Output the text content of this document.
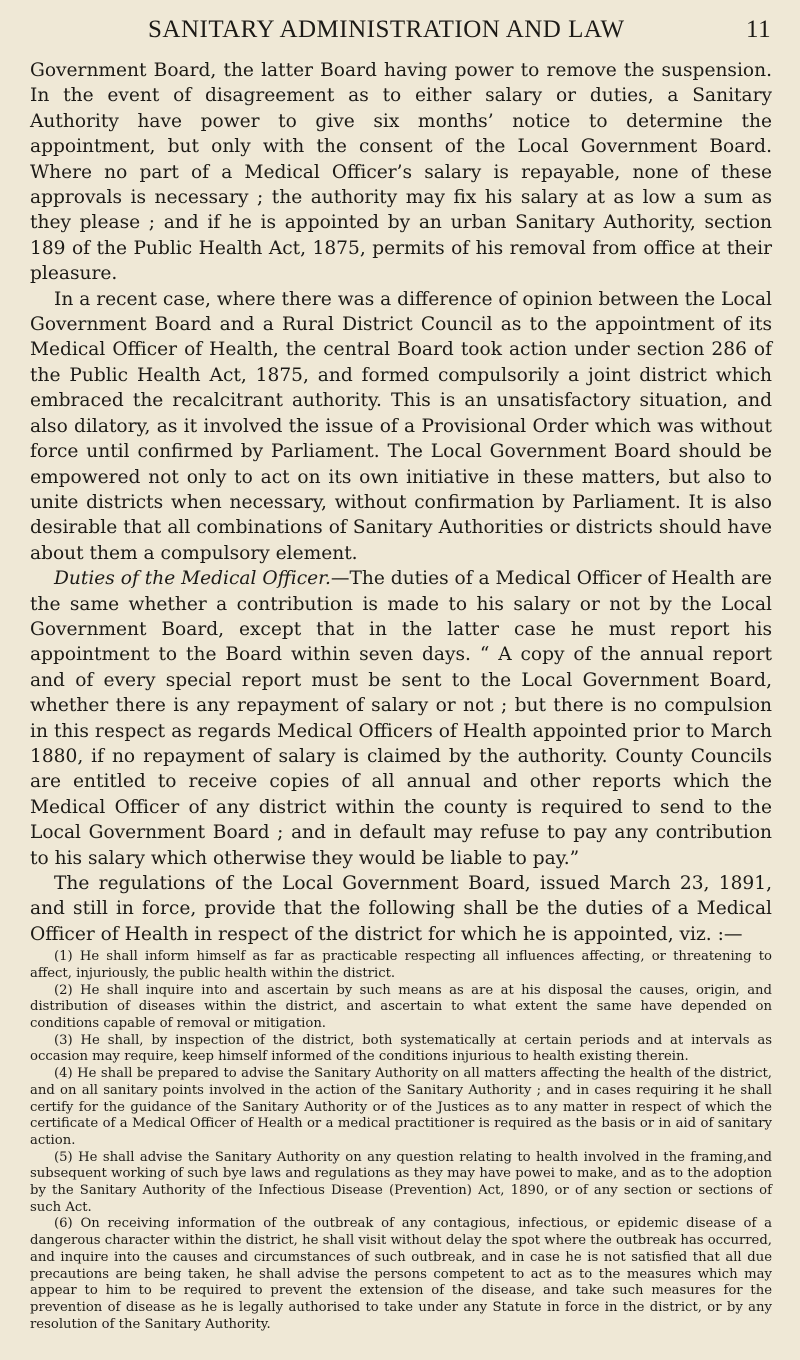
SANITARY ADMINISTRATION AND LAW	11

Government Board, the latter Board having power to remove the suspension. In the event of disagreement as to either salary or duties, a Sanitary Authority have power to give six months’ notice to determine the appointment, but only with the consent of the Local Government Board. Where no part of a Medical Officer’s salary is repayable, none of these approvals is necessary ; the authority may fix his salary at as low a sum as they please ; and if he is appointed by an urban Sanitary Authority, section 189 of the Public Health Act, 1875, permits of his removal from office at their pleasure.

In a recent case, where there was a difference of opinion between the Local Government Board and a Rural District Council as to the appointment of its Medical Officer of Health, the central Board took action under section 286 of the Public Health Act, 1875, and formed compulsorily a joint district which embraced the recalcitrant authority. This is an unsatisfactory situation, and also dilatory, as it involved the issue of a Provisional Order which was without force until confirmed by Parliament. The Local Government Board should be empowered not only to act on its own initiative in these matters, but also to unite districts when necessary, without confirmation by Parliament. It is also desirable that all combinations of Sanitary Authorities or districts should have about them a compulsory element.

Duties of the Medical Officer.—The duties of a Medical Officer of Health are the same whether a contribution is made to his salary or not by the Local Government Board, except that in the latter case he must report his appointment to the Board within seven days. “ A copy of the annual report and of every special report must be sent to the Local Government Board, whether there is any repayment of salary or not ; but there is no compulsion in this respect as regards Medical Officers of Health appointed prior to March 1880, if no repayment of salary is claimed by the authority. County Councils are entitled to receive copies of all annual and other reports which the Medical Officer of any district within the county is required to send to the Local Government Board ; and in default may refuse to pay any contribution to his salary which otherwise they would be liable to pay.”

The regulations of the Local Government Board, issued March 23, 1891, and still in force, provide that the following shall be the duties of a Medical Officer of Health in respect of the district for which he is appointed, viz. :—

(1) He shall inform himself as far as practicable respecting all influences affecting, or threatening to affect, injuriously, the public health within the district.

(2) He shall inquire into and ascertain by such means as are at his disposal the causes, origin, and distribution of diseases within the district, and ascertain to what extent the same have depended on conditions capable of removal or mitigation.

(3) He shall, by inspection of the district, both systematically at certain periods and at intervals as occasion may require, keep himself informed of the conditions injurious to health existing therein.

(4) He shall be prepared to advise the Sanitary Authority on all matters affecting the health of the district, and on all sanitary points involved in the action of the Sanitary Authority ; and in cases requiring it he shall certify for the guidance of the Sanitary Authority or of the Justices as to any matter in respect of which the certificate of a Medical Officer of Health or a medical practitioner is required as the basis or in aid of sanitary action.

(5) He shall advise the Sanitary Authority on any question relating to health involved in the framing,and subsequent working of such bye laws and regulations as they may have powei to make, and as to the adoption by the Sanitary Authority of the Infectious Disease (Prevention) Act, 1890, or of any section or sections of such Act.

(6) On receiving information of the outbreak of any contagious, infectious, or epidemic disease of a dangerous character within the district, he shall visit without delay the spot where the outbreak has occurred, and inquire into the causes and circumstances of such outbreak, and in case he is not satisfied that all due precautions are being taken, he shall advise the persons competent to act as to the measures which may appear to him to be required to prevent the extension of the disease, and take such measures for the prevention of disease as he is legally authorised to take under any Statute in force in the district, or by any resolution of the Sanitary Authority.
